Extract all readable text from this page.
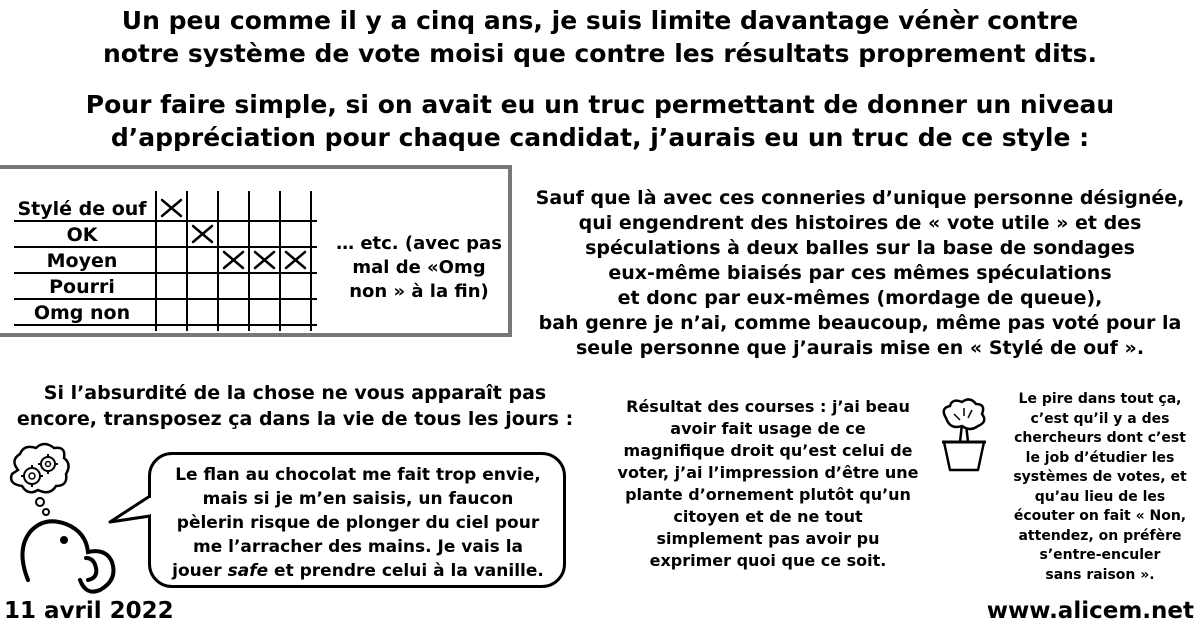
Un peu comme il y a cinq ans, je suis limite davantage vénèr contre
notre système de vote moisi que contre les résultats proprement dits.
Pour faire simple, si on avait eu un truc permettant de donner un niveau
d’appréciation pour chaque candidat, j’aurais eu un truc de ce style :
Stylé de ouf
OK
Moyen
Pourri
Omg non
… etc. (avec pas
mal de «Omg
non » à la fin)
Sauf que là avec ces conneries d’unique personne désignée,
qui engendrent des histoires de « vote utile » et des
spéculations à deux balles sur la base de sondages
eux-même biaisés par ces mêmes spéculations
et donc par eux-mêmes (mordage de queue),
bah genre je n’ai, comme beaucoup, même pas voté pour la
seule personne que j’aurais mise en « Stylé de ouf ».
Si l’absurdité de la chose ne vous apparaît pas
encore, transposez ça dans la vie de tous les jours :
Le flan au chocolat me fait trop envie,
mais si je m’en saisis, un faucon
pèlerin risque de plonger du ciel pour
me l’arracher des mains. Je vais la
jouer safe et prendre celui à la vanille.
Résultat des courses : j’ai beau
avoir fait usage de ce
magnifique droit qu’est celui de
voter, j’ai l’impression d’être une
plante d’ornement plutôt qu’un
citoyen et de ne tout
simplement pas avoir pu
exprimer quoi que ce soit.
Le pire dans tout ça,
c’est qu’il y a des
chercheurs dont c’est
le job d’étudier les
systèmes de votes, et
qu’au lieu de les
écouter on fait « Non,
attendez, on préfère
s’entre-enculer
sans raison ».
11 avril 2022	www.alicem.net
